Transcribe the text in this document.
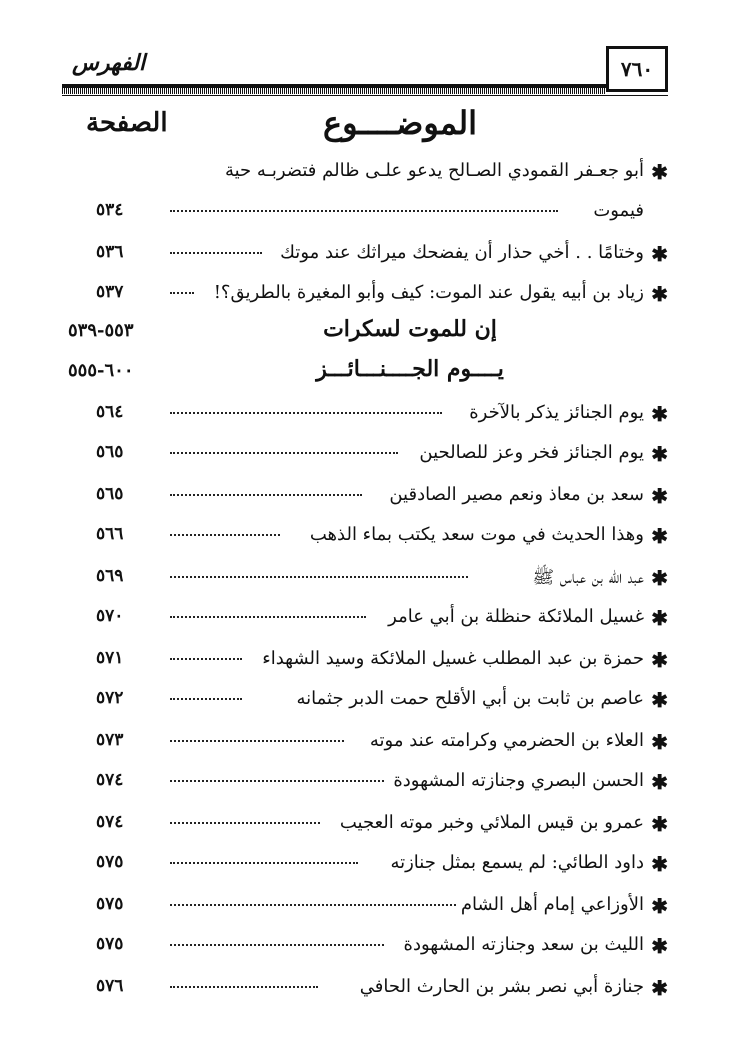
الفهرس	٧٦٠
الموضــــوع
الصفحة
✱
أبو جعـفر القمودي الصـالح يدعو علـى ظالم فتضربـه حية
فيموت
٥٣٤
✱
وختامًا . . أخي حذار أن يفضحك ميراثك عند موتك
٥٣٦
✱
زياد بن أبيه يقول عند الموت: كيف وأبو المغيرة بالطريق؟!
٥٣٧
إن للموت لسكرات
٥٥٣-٥٣٩
يــــوم الجــــنـــائـــز
٦٠٠-٥٥٥
✱
يوم الجنائز يذكر بالآخرة
٥٦٤
✱
يوم الجنائز فخر وعز للصالحين
٥٦٥
✱
سعد بن معاذ ونعم مصير الصادقين
٥٦٥
✱
وهذا الحديث في موت سعد يكتب بماء الذهب
٥٦٦
✱
عبد اللّه بن عباس ﷺ
٥٦٩
✱
غسيل الملائكة حنظلة بن أبي عامر
٥٧٠
✱
حمزة بن عبد المطلب غسيل الملائكة وسيد الشهداء
٥٧١
✱
عاصم بن ثابت بن أبي الأقلح حمت الدبر جثمانه
٥٧٢
✱
العلاء بن الحضرمي وكرامته عند موته
٥٧٣
✱
الحسن البصري وجنازته المشهودة
٥٧٤
✱
عمرو بن قيس الملائي وخبر موته العجيب
٥٧٤
✱
داود الطائي: لم يسمع بمثل جنازته
٥٧٥
✱
الأوزاعي إمام أهل الشام
٥٧٥
✱
الليث بن سعد وجنازته المشهودة
٥٧٥
✱
جنازة أبي نصر بشر بن الحارث الحافي
٥٧٦
